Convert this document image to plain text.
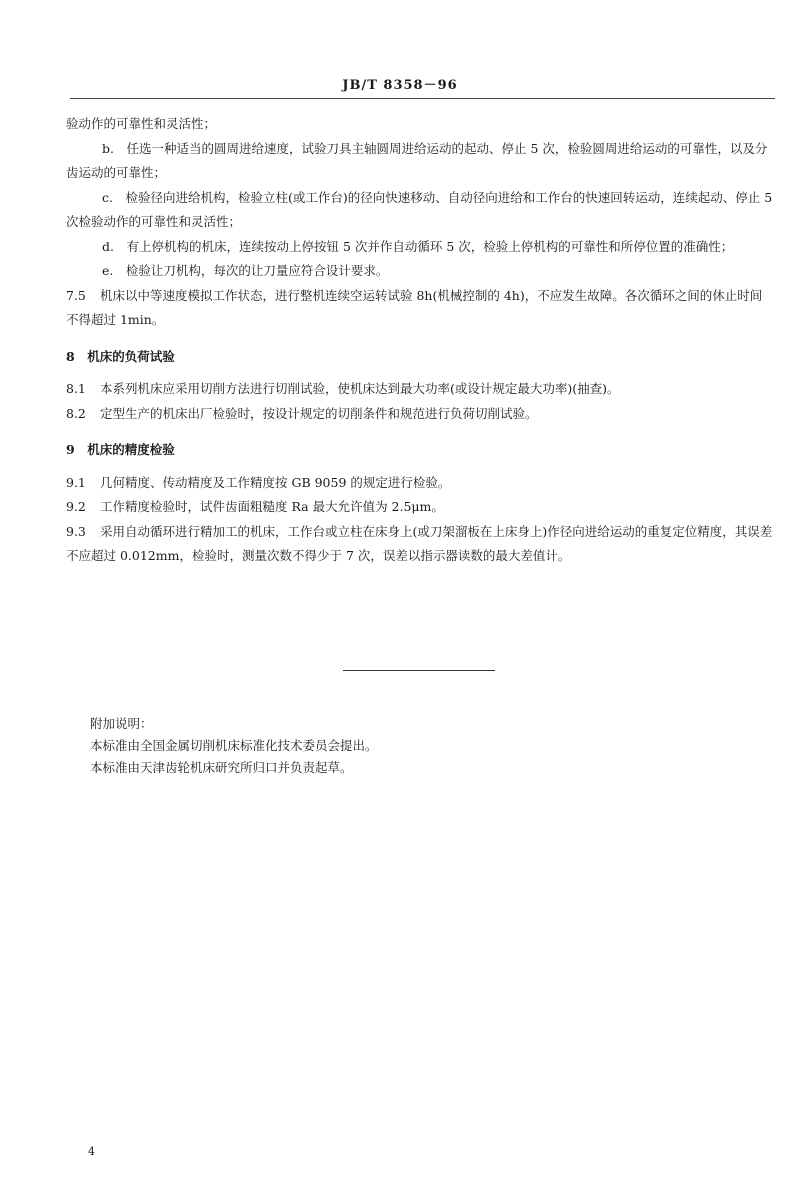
JB/T 8358－96

验动作的可靠性和灵活性；

b.　任选一种适当的圆周进给速度，试验刀具主轴圆周进给运动的起动、停止 5 次，检验圆周进给运动的可靠性，以及分齿运动的可靠性；

c.　检验径向进给机构，检验立柱(或工作台)的径向快速移动、自动径向进给和工作台的快速回转运动，连续起动、停止 5 次检验动作的可靠性和灵活性；

d.　有上停机构的机床，连续按动上停按钮 5 次并作自动循环 5 次，检验上停机构的可靠性和所停位置的准确性；

e.　检验让刀机构，每次的让刀量应符合设计要求。

7.5 机床以中等速度模拟工作状态，进行整机连续空运转试验 8h(机械控制的 4h)，不应发生故障。各次循环之间的休止时间不得超过 1min。

8　机床的负荷试验

8.1 本系列机床应采用切削方法进行切削试验，使机床达到最大功率(或设计规定最大功率)(抽查)。

8.2 定型生产的机床出厂检验时，按设计规定的切削条件和规范进行负荷切削试验。

9　机床的精度检验

9.1 几何精度、传动精度及工作精度按 GB 9059 的规定进行检验。

9.2 工作精度检验时，试件齿面粗糙度 Ra 最大允许值为 2.5μm。

9.3 采用自动循环进行精加工的机床，工作台或立柱在床身上(或刀架溜板在上床身上)作径向进给运动的重复定位精度，其误差不应超过 0.012mm，检验时，测量次数不得少于 7 次，误差以指示器读数的最大差值计。

附加说明：
本标准由全国金属切削机床标准化技术委员会提出。
本标准由天津齿轮机床研究所归口并负责起草。
4
